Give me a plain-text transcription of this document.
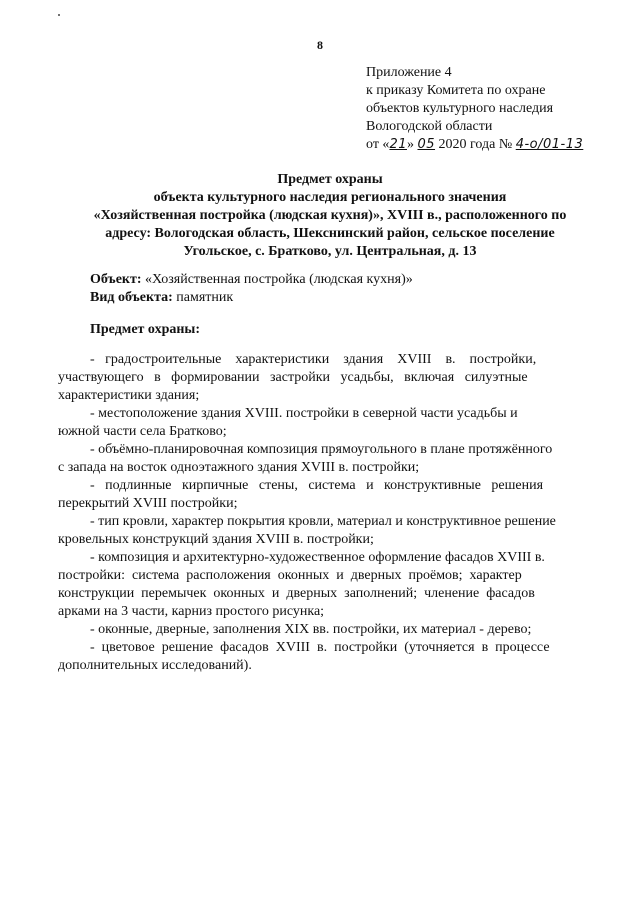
8
Приложение 4
к приказу Комитета по охране
объектов культурного наследия
Вологодской области
от «21» 05 2020 года № 4-о/01-13
Предмет охраны
объекта культурного наследия регионального значения
«Хозяйственная постройка (людская кухня)», XVIII в., расположенного по
адресу: Вологодская область, Шекснинский район, сельское поселение
Угольское, с. Братково, ул. Центральная, д. 13
Объект: «Хозяйственная постройка (людская кухня)»
Вид объекта: памятник
Предмет охраны:
-   градостроительные    характеристики    здания    XVIII    в.    постройки,
участвующего   в   формировании   застройки   усадьбы,   включая   силуэтные
характеристики здания;
- местоположение здания XVIII. постройки в северной части усадьбы и
южной части села Братково;
- объёмно-планировочная композиция прямоугольного в плане протяжённого
с запада на восток одноэтажного здания XVIII в. постройки;
-   подлинные   кирпичные   стены,   система   и   конструктивные   решения
перекрытий XVIII постройки;
- тип кровли, характер покрытия кровли, материал и конструктивное решение
кровельных конструкций здания XVIII в. постройки;
- композиция и архитектурно-художественное оформление фасадов XVIII в.
постройки:  система  расположения  оконных  и  дверных  проёмов;  характер
конструкции  перемычек  оконных  и  дверных  заполнений;  членение  фасадов
арками на 3 части, карниз простого рисунка;
- оконные, дверные, заполнения XIX вв. постройки, их материал - дерево;
-  цветовое  решение  фасадов  XVIII  в.  постройки  (уточняется  в  процессе
дополнительных исследований).
